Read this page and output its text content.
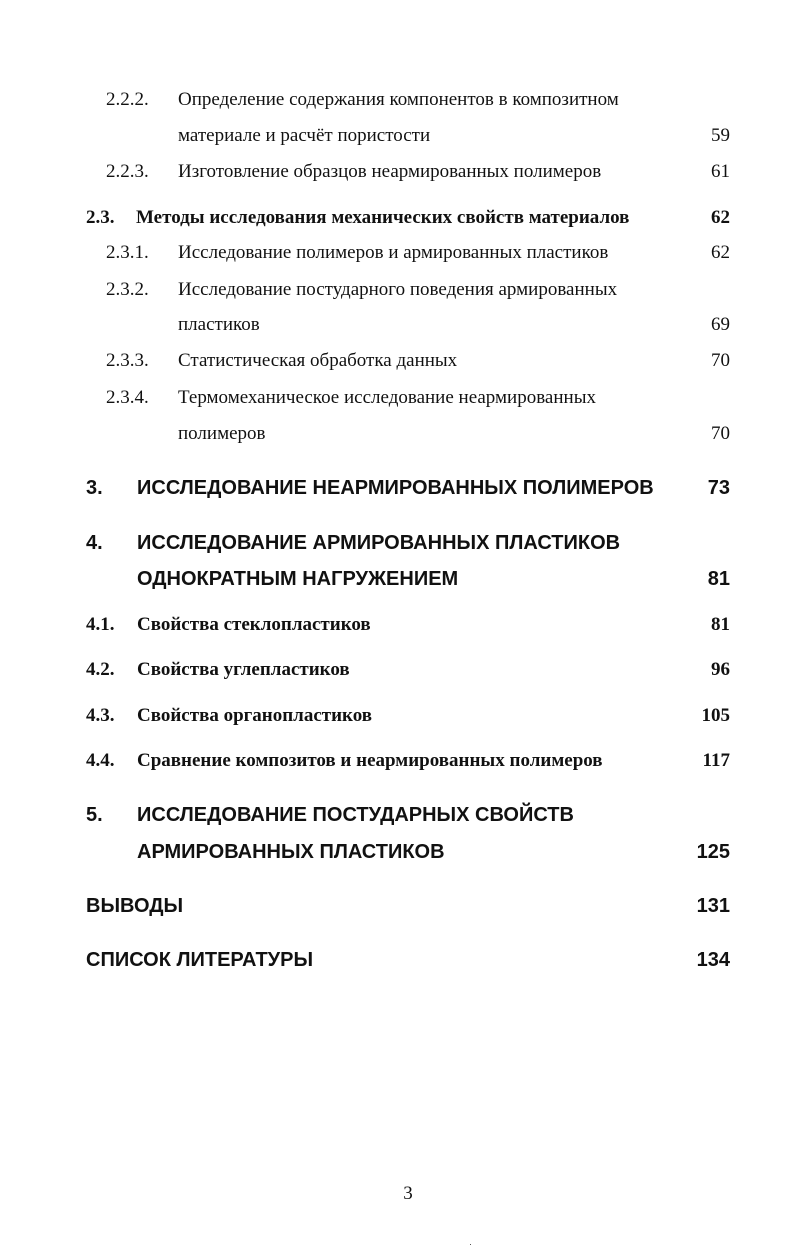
2.2.2. Определение содержания компонентов в композитном
материале и расчёт пористости	59
2.2.3. Изготовление образцов неармированных полимеров	61
2.3. Методы исследования механических свойств материалов	62
2.3.1. Исследование полимеров и армированных пластиков	62
2.3.2. Исследование постударного поведения армированных
пластиков	69
2.3.3. Статистическая обработка данных	70
2.3.4. Термомеханическое исследование неармированных
полимеров	70
3. ИССЛЕДОВАНИЕ НЕАРМИРОВАННЫХ ПОЛИМЕРОВ	73
4. ИССЛЕДОВАНИЕ АРМИРОВАННЫХ ПЛАСТИКОВ
ОДНОКРАТНЫМ НАГРУЖЕНИЕМ	81
4.1. Свойства стеклопластиков	81
4.2. Свойства углепластиков	96
4.3. Свойства органопластиков	105
4.4. Сравнение композитов и неармированных полимеров	117
5. ИССЛЕДОВАНИЕ ПОСТУДАРНЫХ СВОЙСТВ
АРМИРОВАННЫХ ПЛАСТИКОВ	125
ВЫВОДЫ	131
СПИСОК ЛИТЕРАТУРЫ	134
3
